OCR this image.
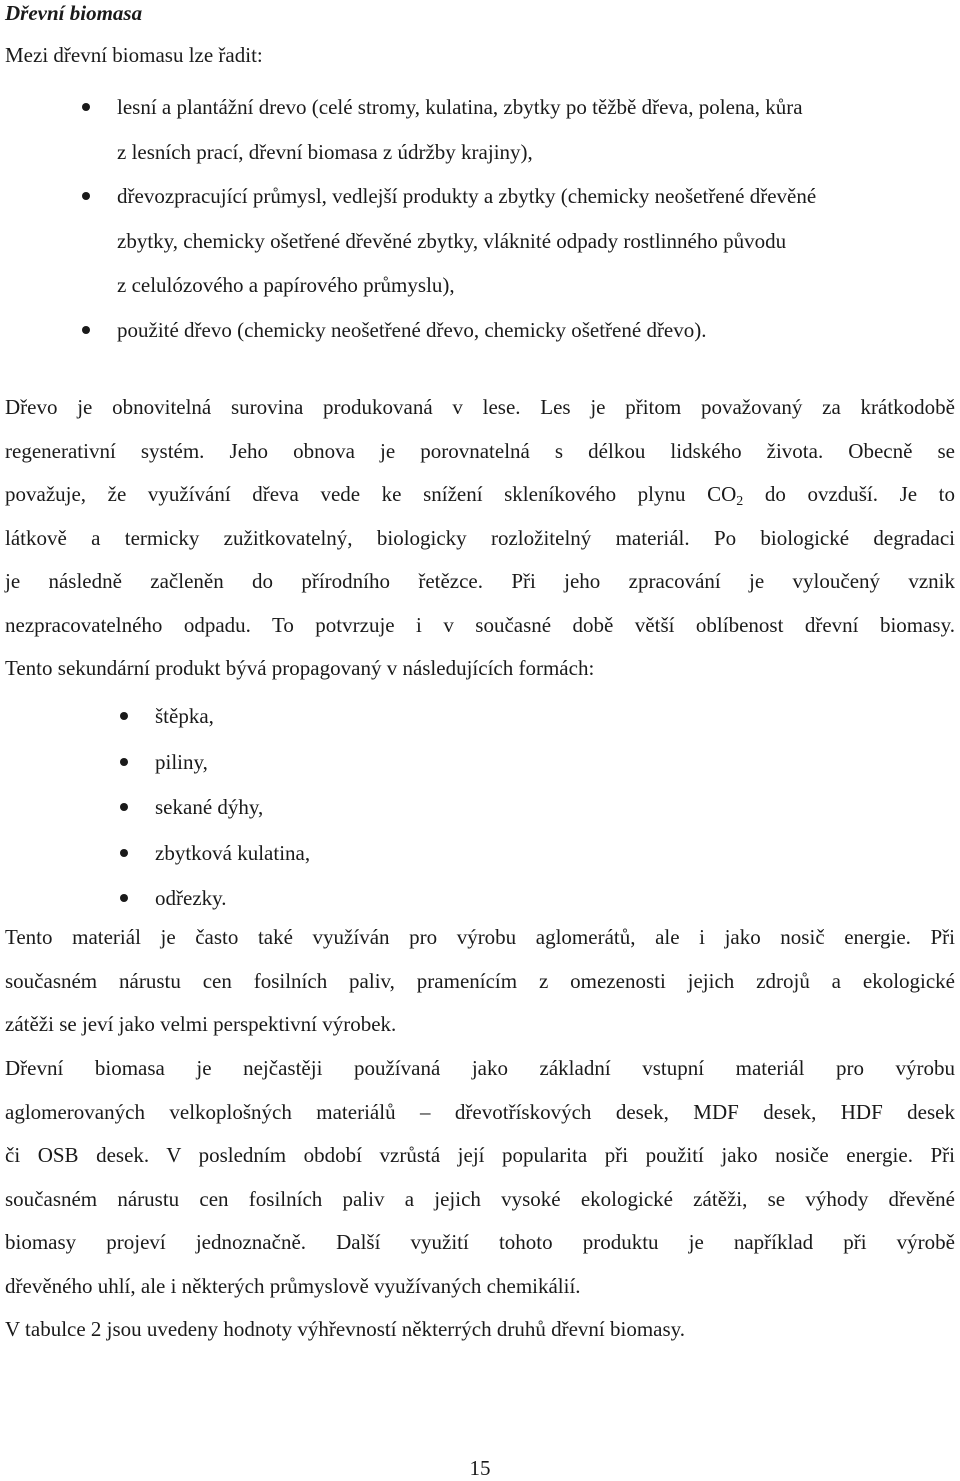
Dřevní biomasa

Mezi dřevní biomasu lze řadit:

lesní a plantážní drevo (celé stromy, kulatina, zbytky po těžbě dřeva, polena, kůra
z lesních prací, dřevní biomasa z údržby krajiny),
dřevozpracující průmysl, vedlejší produkty a zbytky (chemicky neošetřené dřevěné
zbytky, chemicky ošetřené dřevěné zbytky, vláknité odpady rostlinného původu
z celulózového a papírového průmyslu),
použité dřevo (chemicky neošetřené dřevo, chemicky ošetřené dřevo).

Dřevo je obnovitelná surovina produkovaná v lese. Les je přitom považovaný za krátkodobě
regenerativní systém. Jeho obnova je porovnatelná s délkou lidského života. Obecně se
považuje, že využívání dřeva vede ke snížení skleníkového plynu $CO_2$ do ovzduší. Je to
látkově a termicky zužitkovatelný, biologicky rozložitelný materiál. Po biologické degradaci
je následně začleněn do přírodního řetězce. Při jeho zpracování je vyloučený vznik
nezpracovatelného odpadu. To potvrzuje i v současné době větší oblíbenost dřevní biomasy.

Tento sekundární produkt bývá propagovaný v následujících formách:

štěpka,
piliny,
sekané dýhy,
zbytková kulatina,
odřezky.

Tento materiál je často také využíván pro výrobu aglomerátů, ale i jako nosič energie. Při
současném nárustu cen fosilních paliv, pramenícím z omezenosti jejich zdrojů a ekologické
zátěži se jeví jako velmi perspektivní výrobek.

Dřevní biomasa je nejčastěji používaná jako základní vstupní materiál pro výrobu
aglomerovaných velkoplošných materiálů – dřevotřískových desek, MDF desek, HDF desek
či OSB desek. V posledním období vzrůstá její popularita při použití jako nosiče energie. Při
současném nárustu cen fosilních paliv a jejich vysoké ekologické zátěži, se výhody dřevěné
biomasy projeví jednoznačně. Další využití tohoto produktu je například při výrobě
dřevěného uhlí, ale i některých průmyslově využívaných chemikálií.

V tabulce 2 jsou uvedeny hodnoty výhřevností některrých druhů dřevní biomasy.

15
